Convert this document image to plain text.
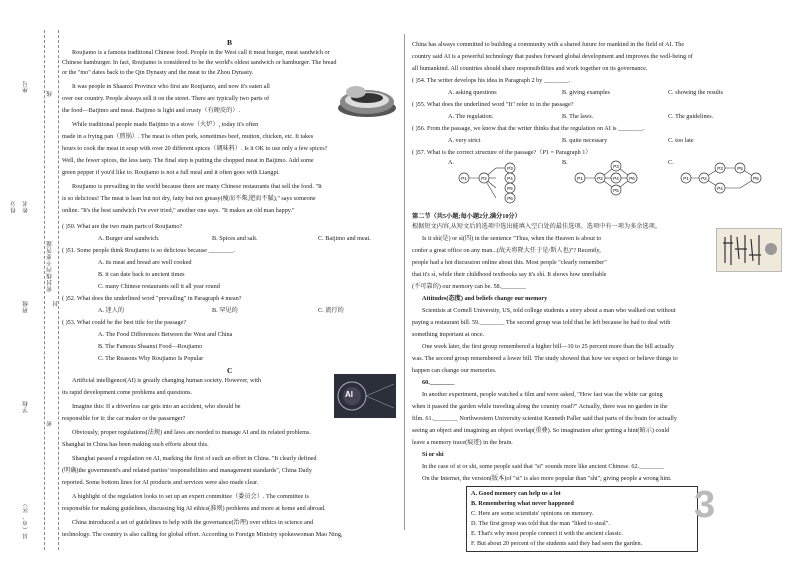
座号
线
姓名
密封线内不要答题
封
班级
学校
密
县（市、区）
得分
B
Roujiamo is a famous traditional Chinese food. People in the West call it meat burger, meat sandwich or
Chinese hamburger. In fact, Roujiamo is considered to be the world's oldest sandwich or hamburger. The bread
or the "mo" dates back to the Qin Dynasty and the meat to the Zhou Dynasty.
It was people in Shaanxi Province who first ate Roujiamo, and now it's eaten all
over our country. People always sell it on the street. There are typically two parts of
the food—Baijimo and meat. Baijimo is light and crusty（有硬皮的）.
While traditional people made Baijimo in a stove（火炉）, today it's often
made in a frying pan（煎锅）. The meat is often pork, sometimes beef, mutton, chicken, etc. It takes
hours to cook the meat in soup with over 20 different spices（调味料）. Is it OK to use only a few spices?
Well, the fewer spices, the less tasty. The final step is putting the chopped meat in Baijimo. Add some
green pepper if you'd like to. Roujiamo is not a full meal and it often goes with Liangpi.
Roujiamo is prevailing in the world because there are many Chinese restaurants that sell the food. "It
is so delicious! The meat is lean but not dry, fatty but not greasy(瘦而不柴,肥而不腻)," says someone
online. "It's the best sandwich I've ever tried," another one says. "It makes an old man happy."
( )50. What are the two main parts of Roujiamo?
A. Burger and sandwich.	B. Spices and salt.	C. Baijimo and meat.
( )51. Some people think Roujiamo is so delicious because ________.
A. its meat and bread are well cooked
B. it can date back to ancient times
C. many Chinese restaurants sell it all year round
( )52. What does the underlined word "prevailing" in Paragraph 4 mean?
A. 迷人的	B. 罕见的	C. 流行的
( )53. What could be the best title for the passage?
A. The Food Differences Between the West and China
B. The Famous Shaanxi Food—Roujiamo
C. The Reasons Why Roujiamo Is Popular
C
Artificial intelligence(AI) is greatly changing human society. However, with
its rapid development come problems and questions.
Imagine this: If a driverless car gets into an accident, who should be
responsible for it: the car maker or the passenger?
Obviously, proper regulations(法规) and laws are needed to manage AI and its related problems.
Shanghai in China has been making such efforts about this.
Shanghai passed a regulation on AI, marking the first of such an effort in China. "It clearly defined
(明确)the government's and related parties' responsibilities and management standards", China Daily
reported. Some bottom lines for AI products and services were also made clear.
A highlight of the regulation looks to set up an expert committee（委员会）. The committee is
responsible for making guidelines, discussing big AI ethics(准则) problems and more at home and abroad.
China introduced a set of guidelines to help with the governance(治理) over ethics in science and
technology. The country is also calling for global effort. According to Foreign Ministry spokeswoman Mao Ning,
AI
China has always committed to building a community with a shared future for mankind in the field of AI. The
country said AI is a powerful technology that pushes forward global development and improves the well-being of
all humankind. All countries should share responsibilities and work together on its governance.
( )54. The writer develops his idea in Paragraph 2 by ________.
A. asking questions	B. giving examples	C. showing the results
( )55. What does the underlined word "It" refer to in the passage?
A. The regulation.	B. The laws.	C. The guidelines.
( )56. From the passage, we know that the writer thinks that the regulation on AI is ________.
A. very strict	B. quite necessary	C. too late
( )57. What is the correct structure of the passage?（P1 = Paragraph 1）
A.	B.	C.
P1	P2
P3
P4
P5
P6
P1	P2
P3
P4
P5
P6	P1	P2
P3
P4
P5
P6
第二节（共5小题;每小题2分,满分10分）
根据短文内容,从短文后的选项中选出能填入空白处的最佳选项。选项中有一项为多余选项。
Is it shì(是) or sì(四) in the sentence "Thus, when the Heaven is about to
confer a great office on any man...(故天将降大任于是/斯人也)"? Recently,
people had a hot discussion online about this. Most people "clearly remember"
that it's sì, while their childhood textbooks say it's shì. It shows how unreliable
(不可靠的) our memory can be. 58.________
Attitudes(态度) and beliefs change our memory
Scientists at Cornell University, US, told college students a story about a man who walked out without
paying a restaurant bill. 59.________ The second group was told that he left because he had to deal with
something important at once.
One week later, the first group remembered a higher bill—10 to 25 percent more than the bill actually
was. The second group remembered a lower bill. The study showed that how we expect or believe things to
happen can change our memories.
60.________
In another experiment, people watched a film and were asked, "How fast was the white car going
when it passed the garden while traveling along the country road?" Actually, there was no garden in the
film. 61.________ Northwestern University scientist Kenneth Paller said that parts of the brain for actually
seeing an object and imagining an object overlap(重叠). So imagination after getting a hint(暗示) could
leave a memory trace(痕迹) in the brain.
Si or shi
In the case of si or shi, some people said that "si" sounds more like ancient Chinese. 62.________
On the Internet, the version(版本)of "si" is also more popular than "shi", giving people a wrong hint.
A. Good memory can help us a lot
B. Remembering what never happened
C. Here are some scientists' opinions on memory.
D. The first group was told that the man "liked to steal".
E. That's why most people connect it with the ancient classic.
F. But about 20 percent of the students said they had seen the garden.
3
